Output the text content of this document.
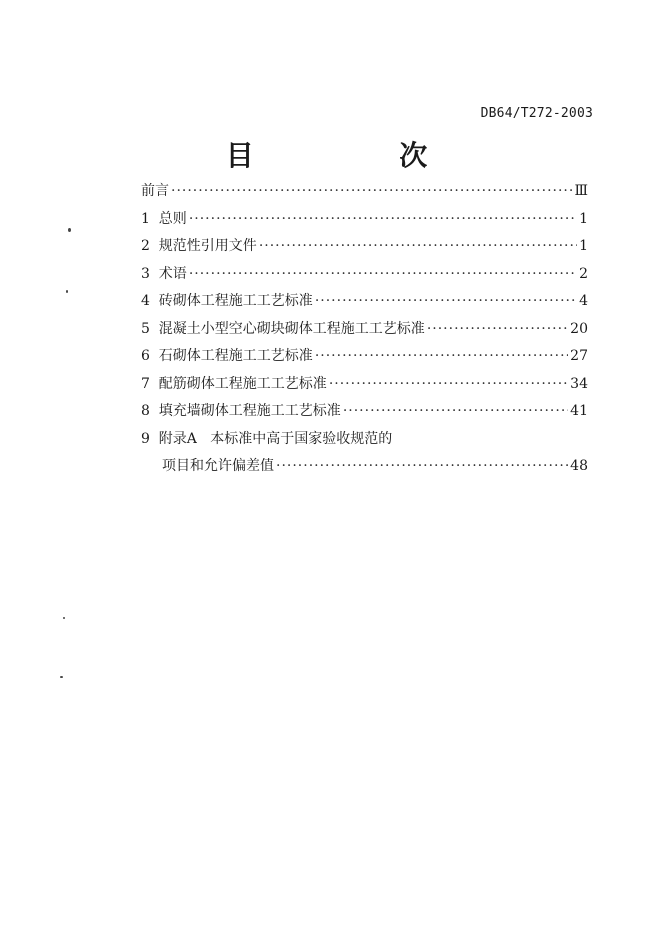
DB64/T272-2003
目  次
前言 ·····	Ⅲ
1  总则 ·····	1
2  规范性引用文件 ·····	1
3  术语 ·····	2
4  砖砌体工程施工工艺标准 ·····	4
5  混凝土小型空心砌块砌体工程施工工艺标准 ·····	20
6  石砌体工程施工工艺标准 ·····	27
7  配筋砌体工程施工工艺标准 ·····	34
8  填充墙砌体工程施工工艺标准 ·····	41
9  附录A   本标准中高于国家验收规范的
项目和允许偏差值 ·····	48
